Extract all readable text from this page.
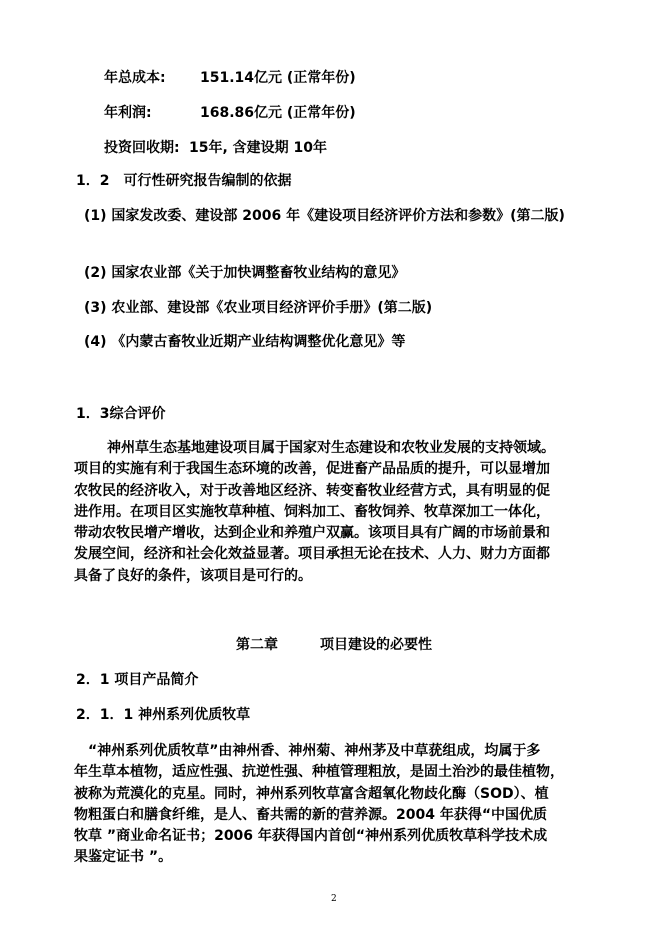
年总成本: 151.14亿元 (正常年份)
年利润:	168.86亿元 (正常年份)
投资回收期: 15年, 含建设期 10年
1．2　可行性研究报告编制的依据
(1) 国家发改委、建设部 2006 年《建设项目经济评价方法和参数》(第二版)
(2) 国家农业部《关于加快调整畜牧业结构的意见》
(3) 农业部、建设部《农业项目经济评价手册》(第二版)
(4) 《内蒙古畜牧业近期产业结构调整优化意见》等
1．3综合评价
神州草生态基地建设项目属于国家对生态建设和农牧业发展的支持领域。
项目的实施有利于我国生态环境的改善，促进畜产品品质的提升，可以显增加
农牧民的经济收入，对于改善地区经济、转变畜牧业经营方式，具有明显的促
进作用。在项目区实施牧草种植、饲料加工、畜牧饲养、牧草深加工一体化，
带动农牧民增产增收，达到企业和养殖户双赢。该项目具有广阔的市场前景和
发展空间，经济和社会化效益显著。项目承担无论在技术、人力、财力方面都
具备了良好的条件，该项目是可行的。
第二章	项目建设的必要性
2．1 项目产品简介
2．1．1 神州系列优质牧草
“神州系列优质牧草”由神州香、神州菊、神州茅及中草莸组成，均属于多
年生草本植物，适应性强、抗逆性强、种植管理粗放，是固土治沙的最佳植物，
被称为荒漠化的克星。同时，神州系列牧草富含超氧化物歧化酶（SOD）、植
物粗蛋白和膳食纤维，是人、畜共需的新的营养源。2004 年获得“中国优质
牧草 ”商业命名证书；2006 年获得国内首创“神州系列优质牧草科学技术成
果鉴定证书 ”。
2
